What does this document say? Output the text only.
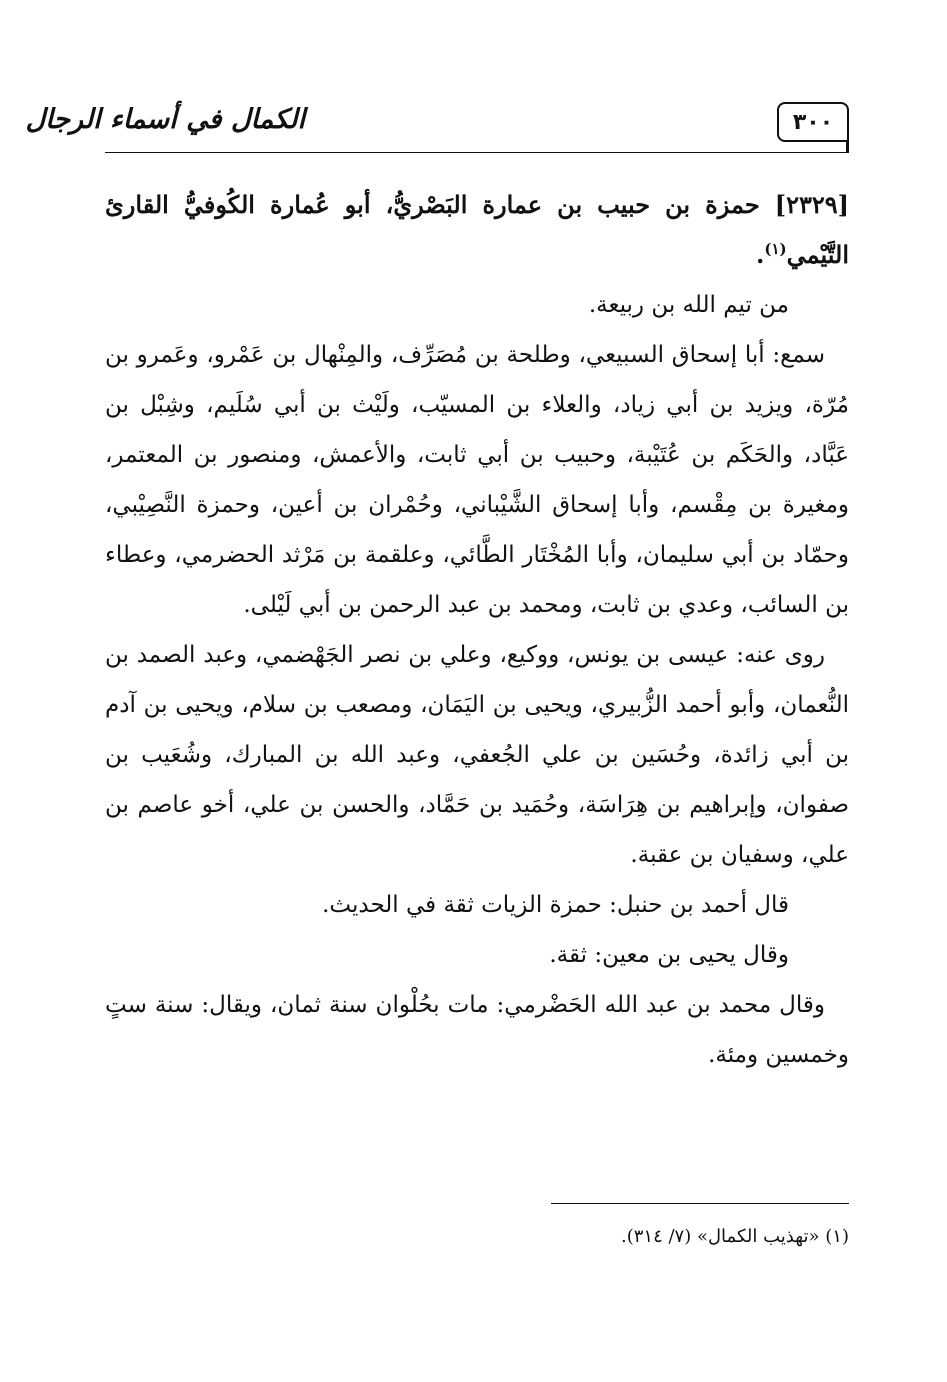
الكمال في أسماء الرجال	٣٠٠

[٢٣٢٩] حمزة بن حبيب بن عمارة البَصْريُّ، أبو عُمارة الكُوفيُّ القارئ التَّيْمي$^{(١)}$.

من تيم الله بن ربيعة.

سمع: أبا إسحاق السبيعي، وطلحة بن مُصَرِّف، والمِنْهال بن عَمْرو، وعَمرو بن مُرّة، ويزيد بن أبي زياد، والعلاء بن المسيّب، ولَيْث بن أبي سُلَيم، وشِبْل بن عَبَّاد، والحَكَم بن عُتَيْبة، وحبيب بن أبي ثابت، والأعمش، ومنصور بن المعتمر، ومغيرة بن مِقْسم، وأبا إسحاق الشَّيْباني، وحُمْران بن أعين، وحمزة النَّصِيْبي، وحمّاد بن أبي سليمان، وأبا المُخْتَار الطَّائي، وعلقمة بن مَرْثد الحضرمي، وعطاء بن السائب، وعدي بن ثابت، ومحمد بن عبد الرحمن بن أبي لَيْلى.

روى عنه: عيسى بن يونس، ووكيع، وعلي بن نصر الجَهْضمي، وعبد الصمد بن النُّعمان، وأبو أحمد الزُّبيري، ويحيى بن اليَمَان، ومصعب بن سلام، ويحيى بن آدم بن أبي زائدة، وحُسَين بن علي الجُعفي، وعبد الله بن المبارك، وشُعَيب بن صفوان، وإبراهيم بن هِرَاسَة، وحُمَيد بن حَمَّاد، والحسن بن علي، أخو عاصم بن علي، وسفيان بن عقبة.

قال أحمد بن حنبل: حمزة الزيات ثقة في الحديث.

وقال يحيى بن معين: ثقة.

وقال محمد بن عبد الله الحَضْرمي: مات بحُلْوان سنة ثمان، ويقال: سنة ستٍ وخمسين ومئة.

(١) «تهذيب الكمال» (٧/ ٣١٤).
